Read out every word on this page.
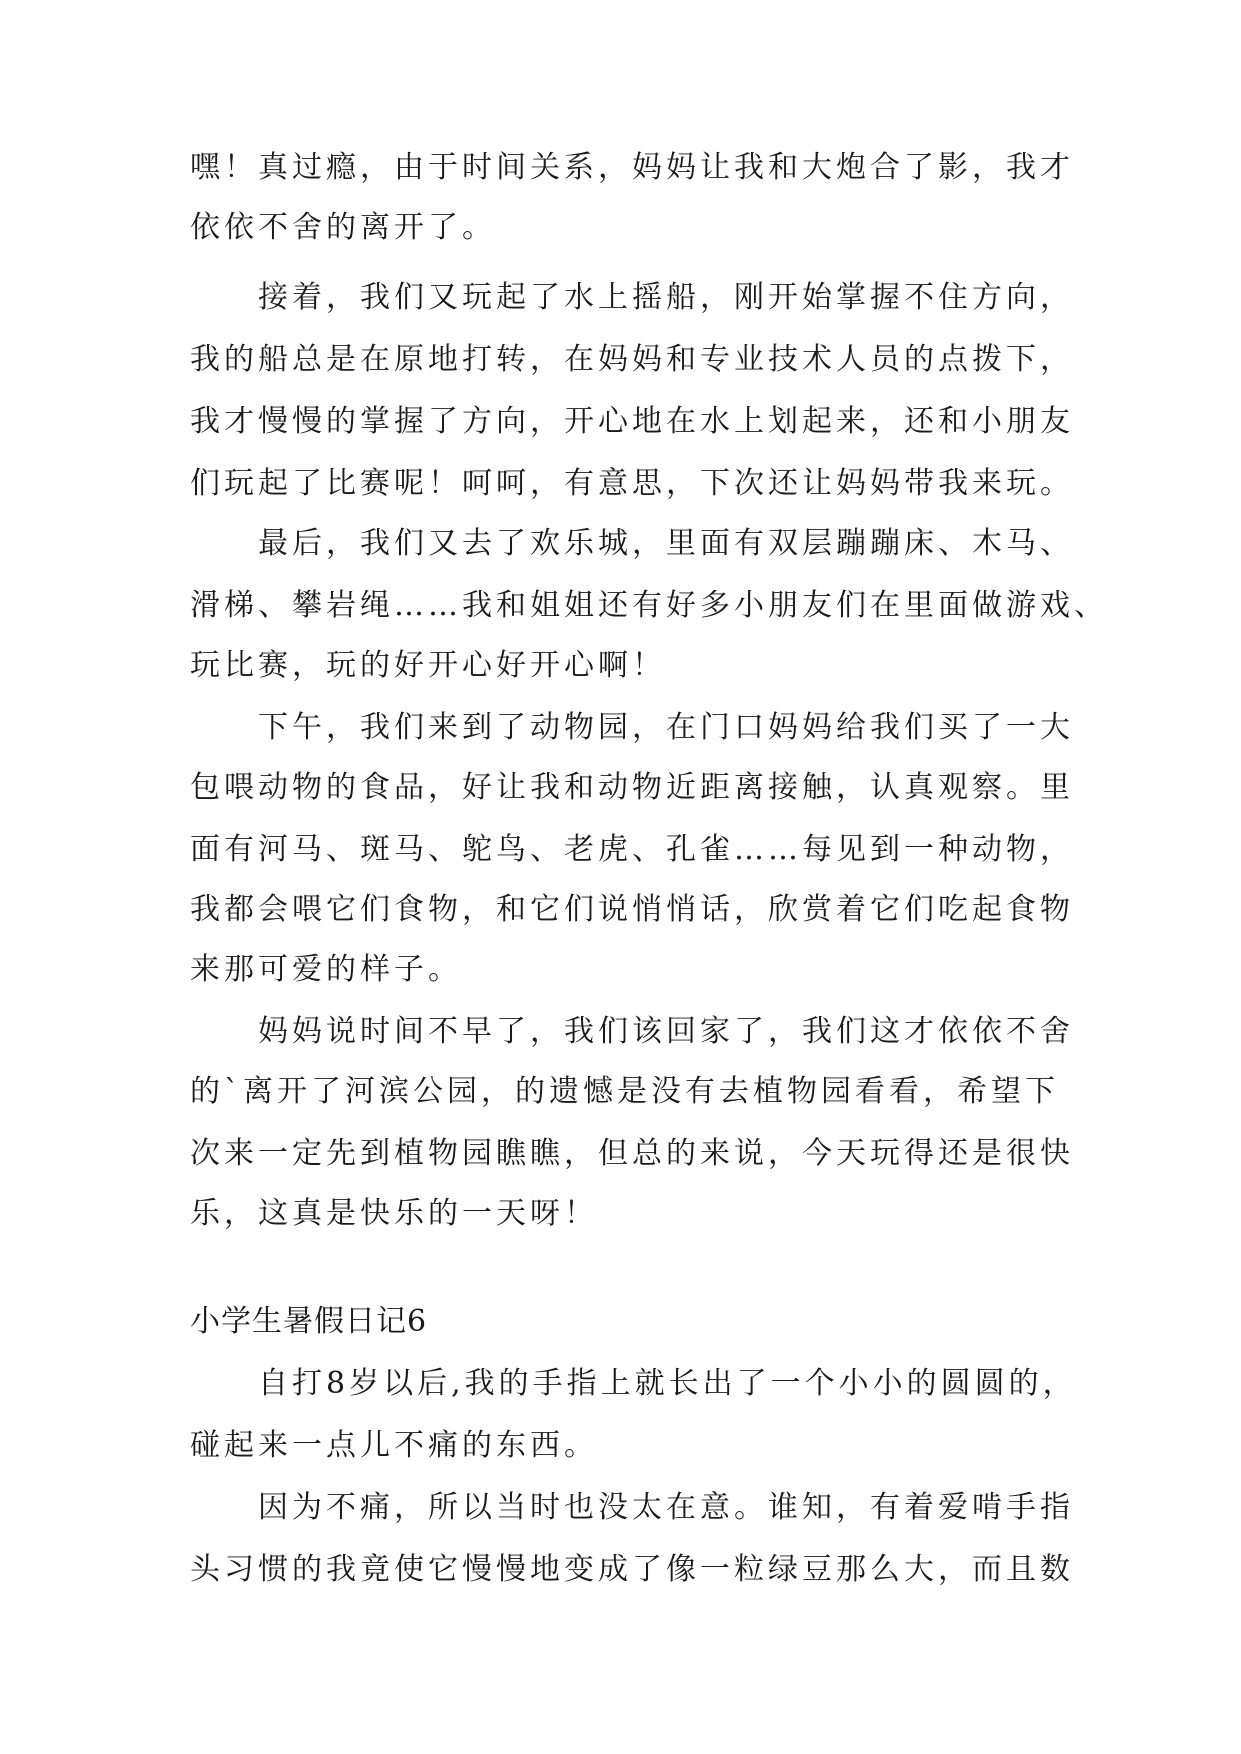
嘿！真过瘾，由于时间关系，妈妈让我和大炮合了影，我才
依依不舍的离开了。
接着，我们又玩起了水上摇船，刚开始掌握不住方向，
我的船总是在原地打转，在妈妈和专业技术人员的点拨下，
我才慢慢的掌握了方向，开心地在水上划起来，还和小朋友
们玩起了比赛呢！呵呵，有意思，下次还让妈妈带我来玩。
最后，我们又去了欢乐城，里面有双层蹦蹦床、木马、
滑梯、攀岩绳……我和姐姐还有好多小朋友们在里面做游戏、
玩比赛，玩的好开心好开心啊！
下午，我们来到了动物园，在门口妈妈给我们买了一大
包喂动物的食品，好让我和动物近距离接触，认真观察。里
面有河马、斑马、鸵鸟、老虎、孔雀……每见到一种动物，
我都会喂它们食物，和它们说悄悄话，欣赏着它们吃起食物
来那可爱的样子。
妈妈说时间不早了，我们该回家了，我们这才依依不舍
的`离开了河滨公园，的遗憾是没有去植物园看看，希望下
次来一定先到植物园瞧瞧，但总的来说，今天玩得还是很快
乐，这真是快乐的一天呀！
小学生暑假日记6
自打8岁以后,我的手指上就长出了一个小小的圆圆的，
碰起来一点儿不痛的东西。
因为不痛，所以当时也没太在意。谁知，有着爱啃手指
头习惯的我竟使它慢慢地变成了像一粒绿豆那么大，而且数
